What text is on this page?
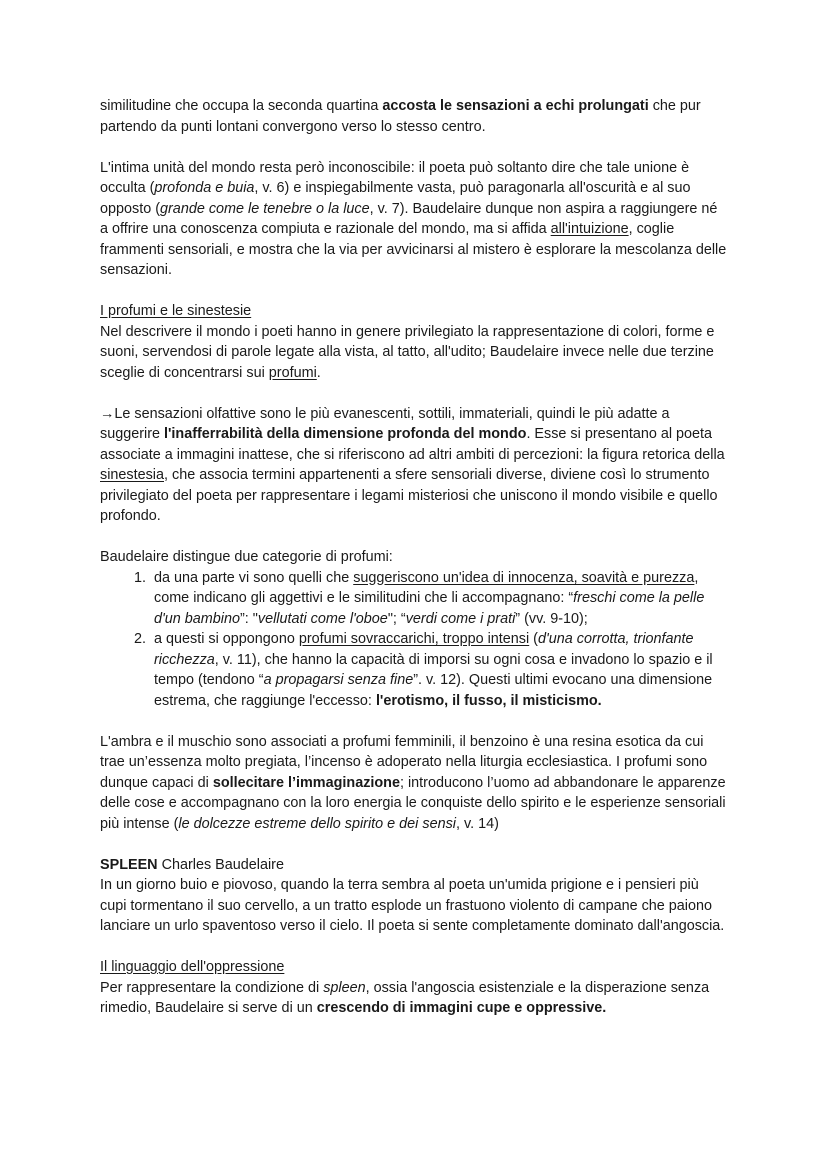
similitudine che occupa la seconda quartina accosta le sensazioni a echi prolungati che pur partendo da punti lontani convergono verso lo stesso centro.

L'intima unità del mondo resta però inconoscibile: il poeta può soltanto dire che tale unione è occulta (profonda e buia, v. 6) e inspiegabilmente vasta, può paragonarla all'oscurità e al suo opposto (grande come le tenebre o la luce, v. 7). Baudelaire dunque non aspira a raggiungere né a offrire una conoscenza compiuta e razionale del mondo, ma si affida all'intuizione, coglie frammenti sensoriali, e mostra che la via per avvicinarsi al mistero è esplorare la mescolanza delle sensazioni.

I profumi e le sinestesie

Nel descrivere il mondo i poeti hanno in genere privilegiato la rappresentazione di colori, forme e suoni, servendosi di parole legate alla vista, al tatto, all'udito; Baudelaire invece nelle due terzine sceglie di concentrarsi sui profumi.

→Le sensazioni olfattive sono le più evanescenti, sottili, immateriali, quindi le più adatte a suggerire l'inafferrabilità della dimensione profonda del mondo. Esse si presentano al poeta associate a immagini inattese, che si riferiscono ad altri ambiti di percezioni: la figura retorica della sinestesia, che associa termini appartenenti a sfere sensoriali diverse, diviene così lo strumento privilegiato del poeta per rappresentare i legami misteriosi che uniscono il mondo visibile e quello profondo.

Baudelaire distingue due categorie di profumi:

1. da una parte vi sono quelli che suggeriscono un'idea di innocenza, soavità e purezza, come indicano gli aggettivi e le similitudini che li accompagnano: “freschi come la pelle d'un bambino”: "vellutati come l'oboe"; “verdi come i prati” (vv. 9-10);
2. a questi si oppongono profumi sovraccarichi, troppo intensi (d'una corrotta, trionfante ricchezza, v. 11), che hanno la capacità di imporsi su ogni cosa e invadono lo spazio e il tempo (tendono “a propagarsi senza fine”. v. 12). Questi ultimi evocano una dimensione estrema, che raggiunge l'eccesso: l'erotismo, il fusso, il misticismo.

L'ambra e il muschio sono associati a profumi femminili, il benzoino è una resina esotica da cui trae un’essenza molto pregiata, l’incenso è adoperato nella liturgia ecclesiastica. I profumi sono dunque capaci di sollecitare l’immaginazione; introducono l’uomo ad abbandonare le apparenze delle cose e accompagnano con la loro energia le conquiste dello spirito e le esperienze sensoriali più intense (le dolcezze estreme dello spirito e dei sensi, v. 14)

SPLEEN Charles Baudelaire

In un giorno buio e piovoso, quando la terra sembra al poeta un'umida prigione e i pensieri più cupi tormentano il suo cervello, a un tratto esplode un frastuono violento di campane che paiono lanciare un urlo spaventoso verso il cielo. Il poeta si sente completamente dominato dall'angoscia.

Il linguaggio dell'oppressione

Per rappresentare la condizione di spleen, ossia l'angoscia esistenziale e la disperazione senza rimedio, Baudelaire si serve di un crescendo di immagini cupe e oppressive.
